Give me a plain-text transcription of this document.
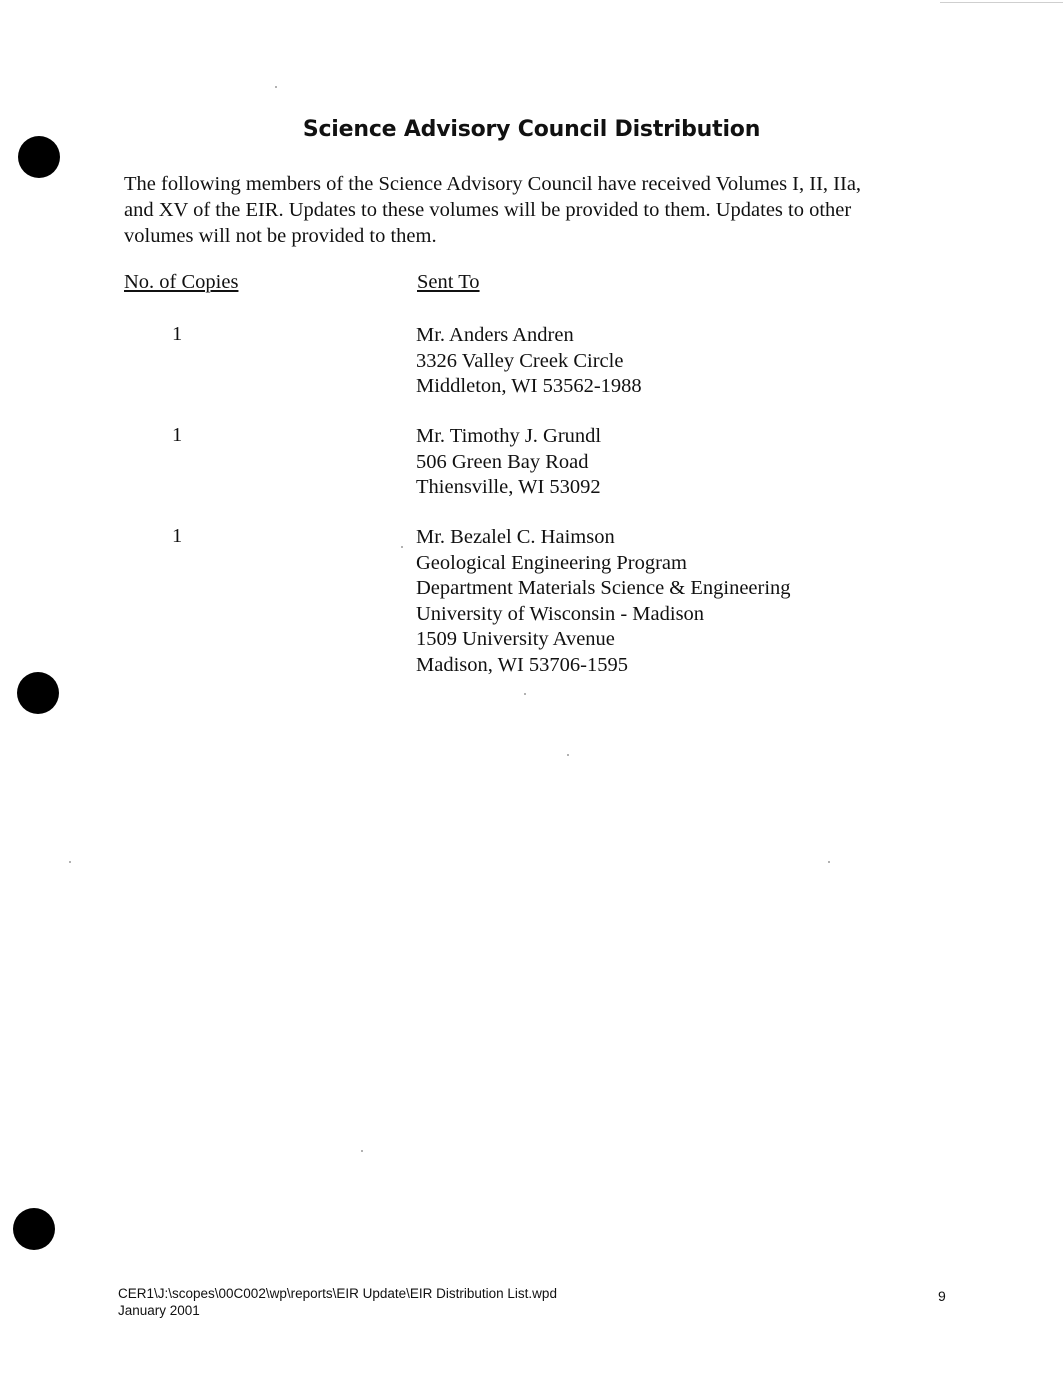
Science Advisory Council Distribution
The following members of the Science Advisory Council have received Volumes I, II, IIa,
and XV of the EIR. Updates to these volumes will be provided to them. Updates to other
volumes will not be provided to them.
No. of Copies	Sent To
1	Mr. Anders Andren
3326 Valley Creek Circle
Middleton, WI 53562-1988
1	Mr. Timothy J. Grundl
506 Green Bay Road
Thiensville, WI 53092
1	Mr. Bezalel C. Haimson
Geological Engineering Program
Department Materials Science & Engineering
University of Wisconsin - Madison
1509 University Avenue
Madison, WI 53706-1595
CER1\J:\scopes\00C002\wp\reports\EIR Update\EIR Distribution List.wpd
January 2001
9
